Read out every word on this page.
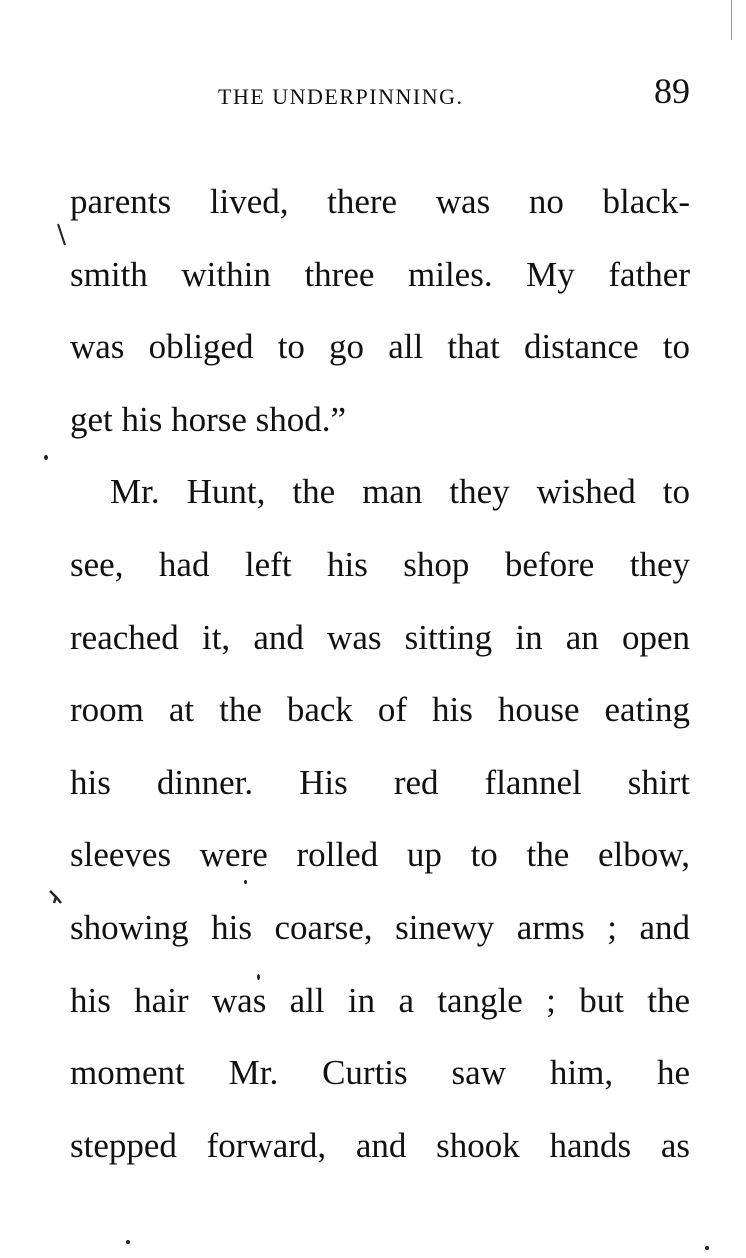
THE UNDERPINNING.	89
parents lived, there was no black-
smith within three miles. My father
was obliged to go all that distance to
get his horse shod.”
Mr. Hunt, the man they wished to
see, had left his shop before they
reached it, and was sitting in an open
room at the back of his house eating
his dinner. His red flannel shirt
sleeves were rolled up to the elbow,
showing his coarse, sinewy arms ; and
his hair was all in a tangle ; but the
moment Mr. Curtis saw him, he
stepped forward, and shook hands as
